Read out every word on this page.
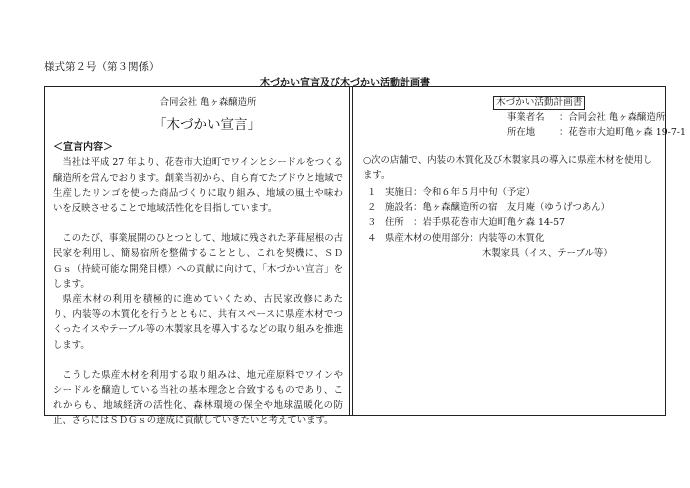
様式第２号（第３関係）
木づかい宣言及び木づかい活動計画書
合同会社 亀ヶ森醸造所
「木づかい宣言」
＜宣言内容＞
当社は平成 27 年より、花巻市大迫町でワインとシードルをつくる醸造所を営んでおります。創業当初から、自ら育てたブドウと地域で生産したリンゴを使った商品づくりに取り組み、地域の風土や味わいを反映させることで地域活性化を目指しています。
このたび、事業展開のひとつとして、地域に残された茅葺屋根の古民家を利用し、簡易宿所を整備することとし、これを契機に、ＳＤＧｓ（持続可能な開発目標）への貢献に向けて、「木づかい宣言」をします。
県産木材の利用を積極的に進めていくため、古民家改修にあたり、内装等の木質化を行うとともに、共有スペースに県産木材でつくったイスやテーブル等の木製家具を導入するなどの取り組みを推進します。
こうした県産木材を利用する取り組みは、地元産原料でワインやシードルを醸造している当社の基本理念と合致するものであり、これからも、地域経済の活性化、森林環境の保全や地球温暖化の防止、さらにはＳＤＧｓの達成に貢献していきたいと考えています。
木づかい活動計画書
事業者名 ：合同会社 亀ヶ森醸造所
所在地	：花巻市大迫町亀ヶ森 19-7-1
○次の店舗で、内装の木質化及び木製家具の導入に県産木材を使用します。
１ 実施日：令和６年５月中旬（予定）
２ 施設名：亀ヶ森醸造所の宿　友月庵（ゆうげつあん）
３ 住所　：岩手県花巻市大迫町亀ケ森 14-57
４ 県産木材の使用部分：内装等の木質化
木製家具（イス、テーブル等）
